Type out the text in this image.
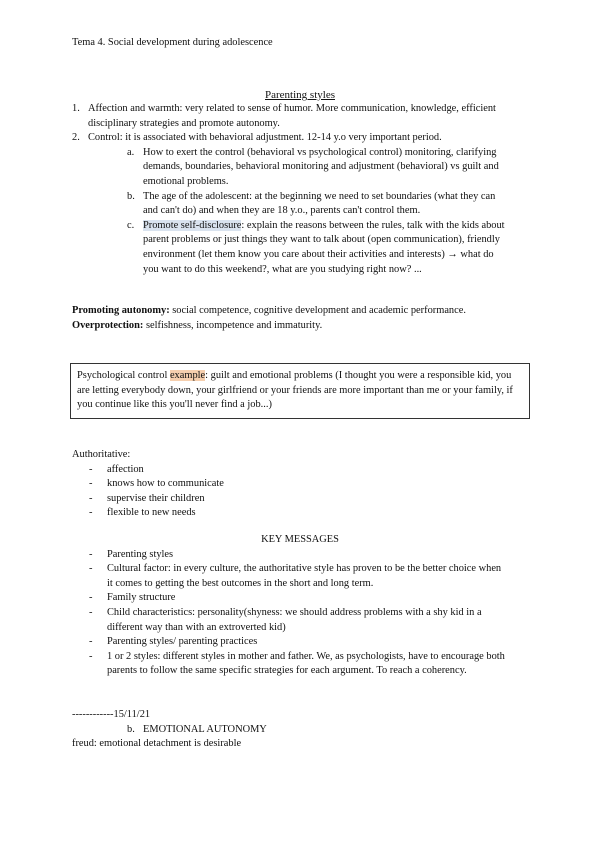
Tema 4. Social development during adolescence
Parenting styles
1. Affection and warmth: very related to sense of humor. More communication, knowledge, efficient disciplinary strategies and promote autonomy.
2. Control: it is associated with behavioral adjustment. 12-14 y.o very important period.
a. How to exert the control (behavioral vs psychological control) monitoring, clarifying demands, boundaries, behavioral monitoring and adjustment (behavioral) vs guilt and emotional problems.
b. The age of the adolescent: at the beginning we need to set boundaries (what they can and can't do) and when they are 18 y.o., parents can't control them.
c. Promote self-disclosure: explain the reasons between the rules, talk with the kids about parent problems or just things they want to talk about (open communication), friendly environment (let them know you care about their activities and interests) → what do you want to do this weekend?, what are you studying right now? ...
Promoting autonomy: social competence, cognitive development and academic performance.
Overprotection: selfishness, incompetence and immaturity.
Psychological control example: guilt and emotional problems (I thought you were a responsible kid, you are letting everybody down, your girlfriend or your friends are more important than me or your family, if you continue like this you'll never find a job...)
Authoritative:
-	affection
-	knows how to communicate
-	supervise their children
-	flexible to new needs
KEY MESSAGES
-	Parenting styles
-	Cultural factor: in every culture, the authoritative style has proven to be the better choice when it comes to getting the best outcomes in the short and long term.
-	Family structure
-	Child characteristics: personality(shyness: we should address problems with a shy kid in a different way than with an extroverted kid)
-	Parenting styles/ parenting practices
-	1 or 2 styles: different styles in mother and father. We, as psychologists, have to encourage both parents to follow the same specific strategies for each argument. To reach a coherency.
------------15/11/21
b. EMOTIONAL AUTONOMY
freud: emotional detachment is desirable
